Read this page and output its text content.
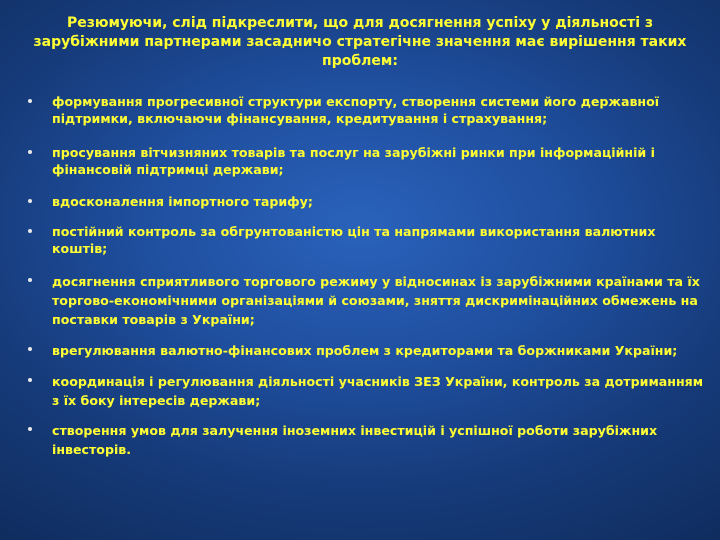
Резюмуючи, слід підкреслити, що для досягнення успіху у діяльності з зарубіжними партнерами засадничо стратегічне значення має вирішення таких проблем:
формування прогресивної структури експорту, створення системи його державної підтримки, включаючи фінансування, кредитування і страхування;
просування вітчизняних товарів та послуг на зарубіжні ринки при інформаційній і фінансовій підтримці держави;
вдосконалення імпортного тарифу;
постійний контроль за обгрунтованістю цін та напрямами використання валютних коштів;
досягнення сприятливого торгового режиму у відносинах із зарубіжними країнами та їх торгово-економічними організаціями й союзами, зняття дискримінаційних обмежень на поставки товарів з України;
врегулювання валютно-фінансових проблем з кредиторами та боржниками України;
координація і регулювання діяльності учасників ЗЕЗ України, контроль за дотриманням з їх боку інтересів держави;
створення умов для залучення іноземних інвестицій і успішної роботи зарубіжних інвесторів.
